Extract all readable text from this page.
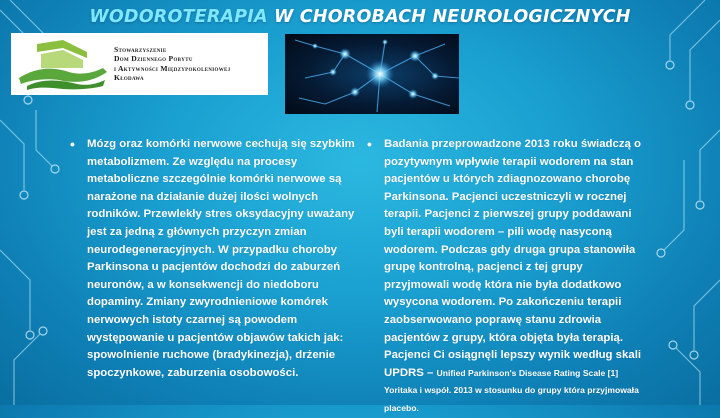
WODOROTERAPIA W CHOROBACH NEUROLOGICZNYCH
Stowarzyszenie
Dom Dziennego Pobytu
i Aktywności Międzypokoleniowej
Kłodawa
•	Mózg oraz komórki nerwowe cechują się szybkim metabolizmem. Ze względu na procesy metaboliczne szczególnie komórki nerwowe są narażone na działanie dużej ilości wolnych rodników. Przewlekły stres oksydacyjny uważany jest za jedną z głównych przyczyn zmian neurodegeneracyjnych. W przypadku choroby Parkinsona u pacjentów dochodzi do zaburzeń neuronów, a w konsekwencji do niedoboru dopaminy. Zmiany zwyrodnieniowe komórek nerwowych istoty czarnej są powodem występowanie u pacjentów objawów takich jak: spowolnienie ruchowe (bradykinezja), drżenie spoczynkowe, zaburzenia osobowości.

•	Badania przeprowadzone 2013 roku świadczą o pozytywnym wpływie terapii wodorem na stan pacjentów u których zdiagnozowano chorobę Parkinsona. Pacjenci uczestniczyli w rocznej terapii. Pacjenci z pierwszej grupy poddawani byli terapii wodorem – pili wodę nasyconą wodorem. Podczas gdy druga grupa stanowiła grupę kontrolną, pacjenci z tej grupy przyjmowali wodę która nie była dodatkowo wysycona wodorem. Po zakończeniu terapii zaobserwowano poprawę stanu zdrowia pacjentów z grupy, która objęta była terapią. Pacjenci Ci osiągnęli lepszy wynik według skali UPDRS – Unified Parkinson's Disease Rating Scale [1] Yoritaka i współ. 2013 w stosunku do grupy która przyjmowała placebo.
